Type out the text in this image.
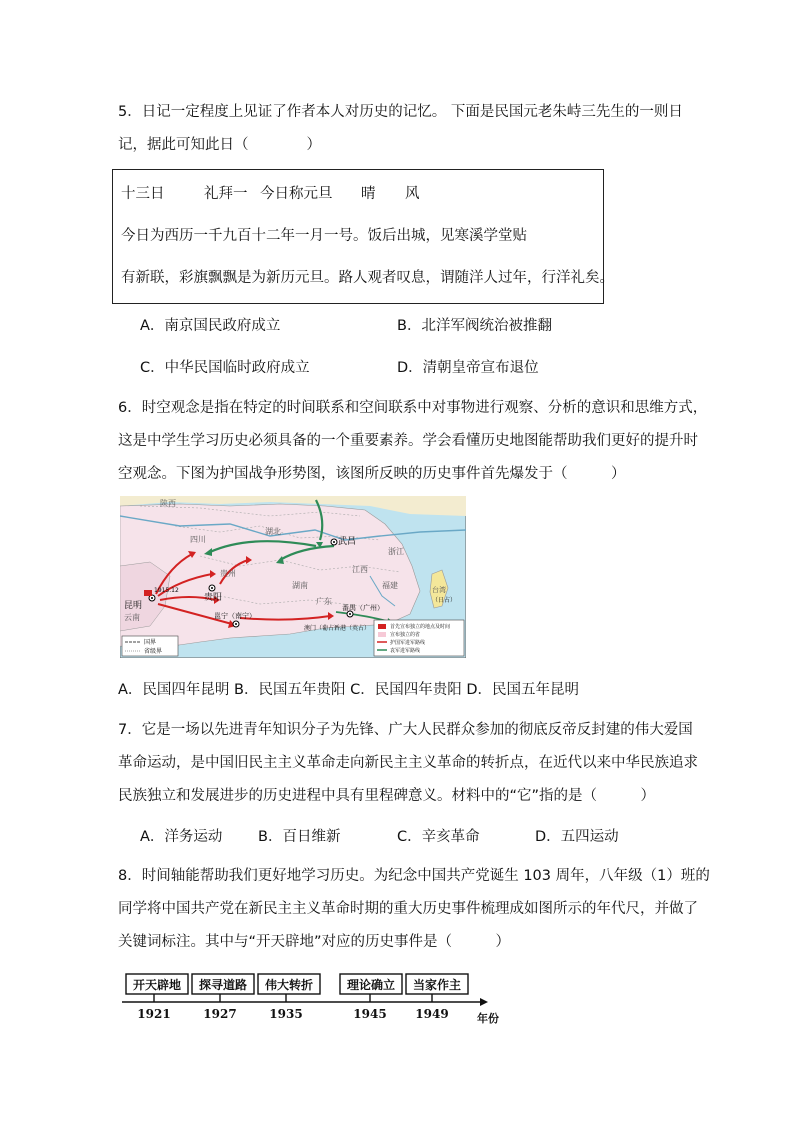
5．日记一定程度上见证了作者本人对历史的记忆。 下面是民国元老朱峙三先生的一则日
记，据此可知此日（　　　　）
十三日	礼拜一 今日称元旦 晴 风
今日为西历一千九百十二年一月一号。饭后出城，见寒溪学堂贴
有新联，彩旗飘飘是为新历元旦。路人观者叹息，谓随洋人过年，行洋礼矣。
A．南京国民政府成立	B．北洋军阀统治被推翻
C．中华民国临时政府成立	D．清朝皇帝宣布退位
6．时空观念是指在特定的时间联系和空间联系中对事物进行观察、分析的意识和思维方式，
这是中学生学习历史必须具备的一个重要素养。学会看懂历史地图能帮助我们更好的提升时
空观念。下图为护国战争形势图，该图所反映的历史事件首先爆发于（　　　）
陕西
四川
湖北
湖南
贵州
浙江
福建	台湾
云南
江西
广东
武昌
贵阳
昆明
邕宁（南宁）
番禺（广州）
香港（英占）
澳门（葡占）
1915.12
（日占）
首先宣布独立的地点及时间
宣布独立的省
护国军进军路线
袁军进军路线
国界
省级界
A．民国四年昆明 B．民国五年贵阳 C．民国四年贵阳 D．民国五年昆明
7．它是一场以先进青年知识分子为先锋、广大人民群众参加的彻底反帝反封建的伟大爱国
革命运动，是中国旧民主主义革命走向新民主主义革命的转折点，在近代以来中华民族追求
民族独立和发展进步的历史进程中具有里程碑意义。材料中的“它”指的是（　　　）
A．洋务运动 B．百日维新	C．辛亥革命	D．五四运动
8．时间轴能帮助我们更好地学习历史。为纪念中国共产党诞生 103 周年，八年级（1）班的
同学将中国共产党在新民主主义革命时期的重大历史事件梳理成如图所示的年代尺，并做了
关键词标注。其中与“开天辟地”对应的历史事件是（　　　）
开天辟地 探寻道路 伟大转折	理论确立 当家作主
1921	1927	1935	1945 1949	年份
